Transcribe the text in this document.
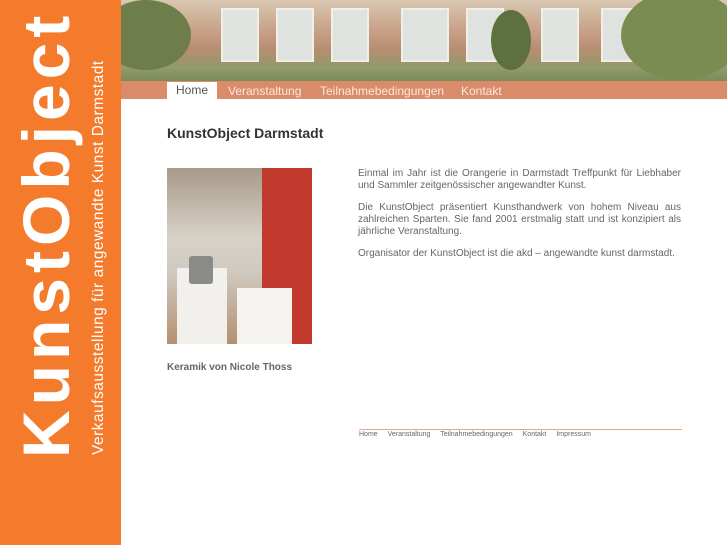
KunstObject Verkaufsausstellung für angewandte Kunst Darmstadt	Home	Veranstaltung Teilnahmebedingungen Kontakt
KunstObject Darmstadt
Keramik von Nicole Thoss

Einmal im Jahr ist die Orangerie in Darmstadt Treffpunkt für Liebhaber und Sammler zeitgenössischer angewandter Kunst.

Die KunstObject präsentiert Kunsthandwerk von hohem Niveau aus zahlreichen Sparten. Sie fand 2001 erstmalig statt und ist konzipiert als jährliche Veranstaltung.

Organisator der KunstObject ist die akd – angewandte kunst darmstadt.

Home Veranstaltung Teilnahmebedingungen Kontakt Impressum
